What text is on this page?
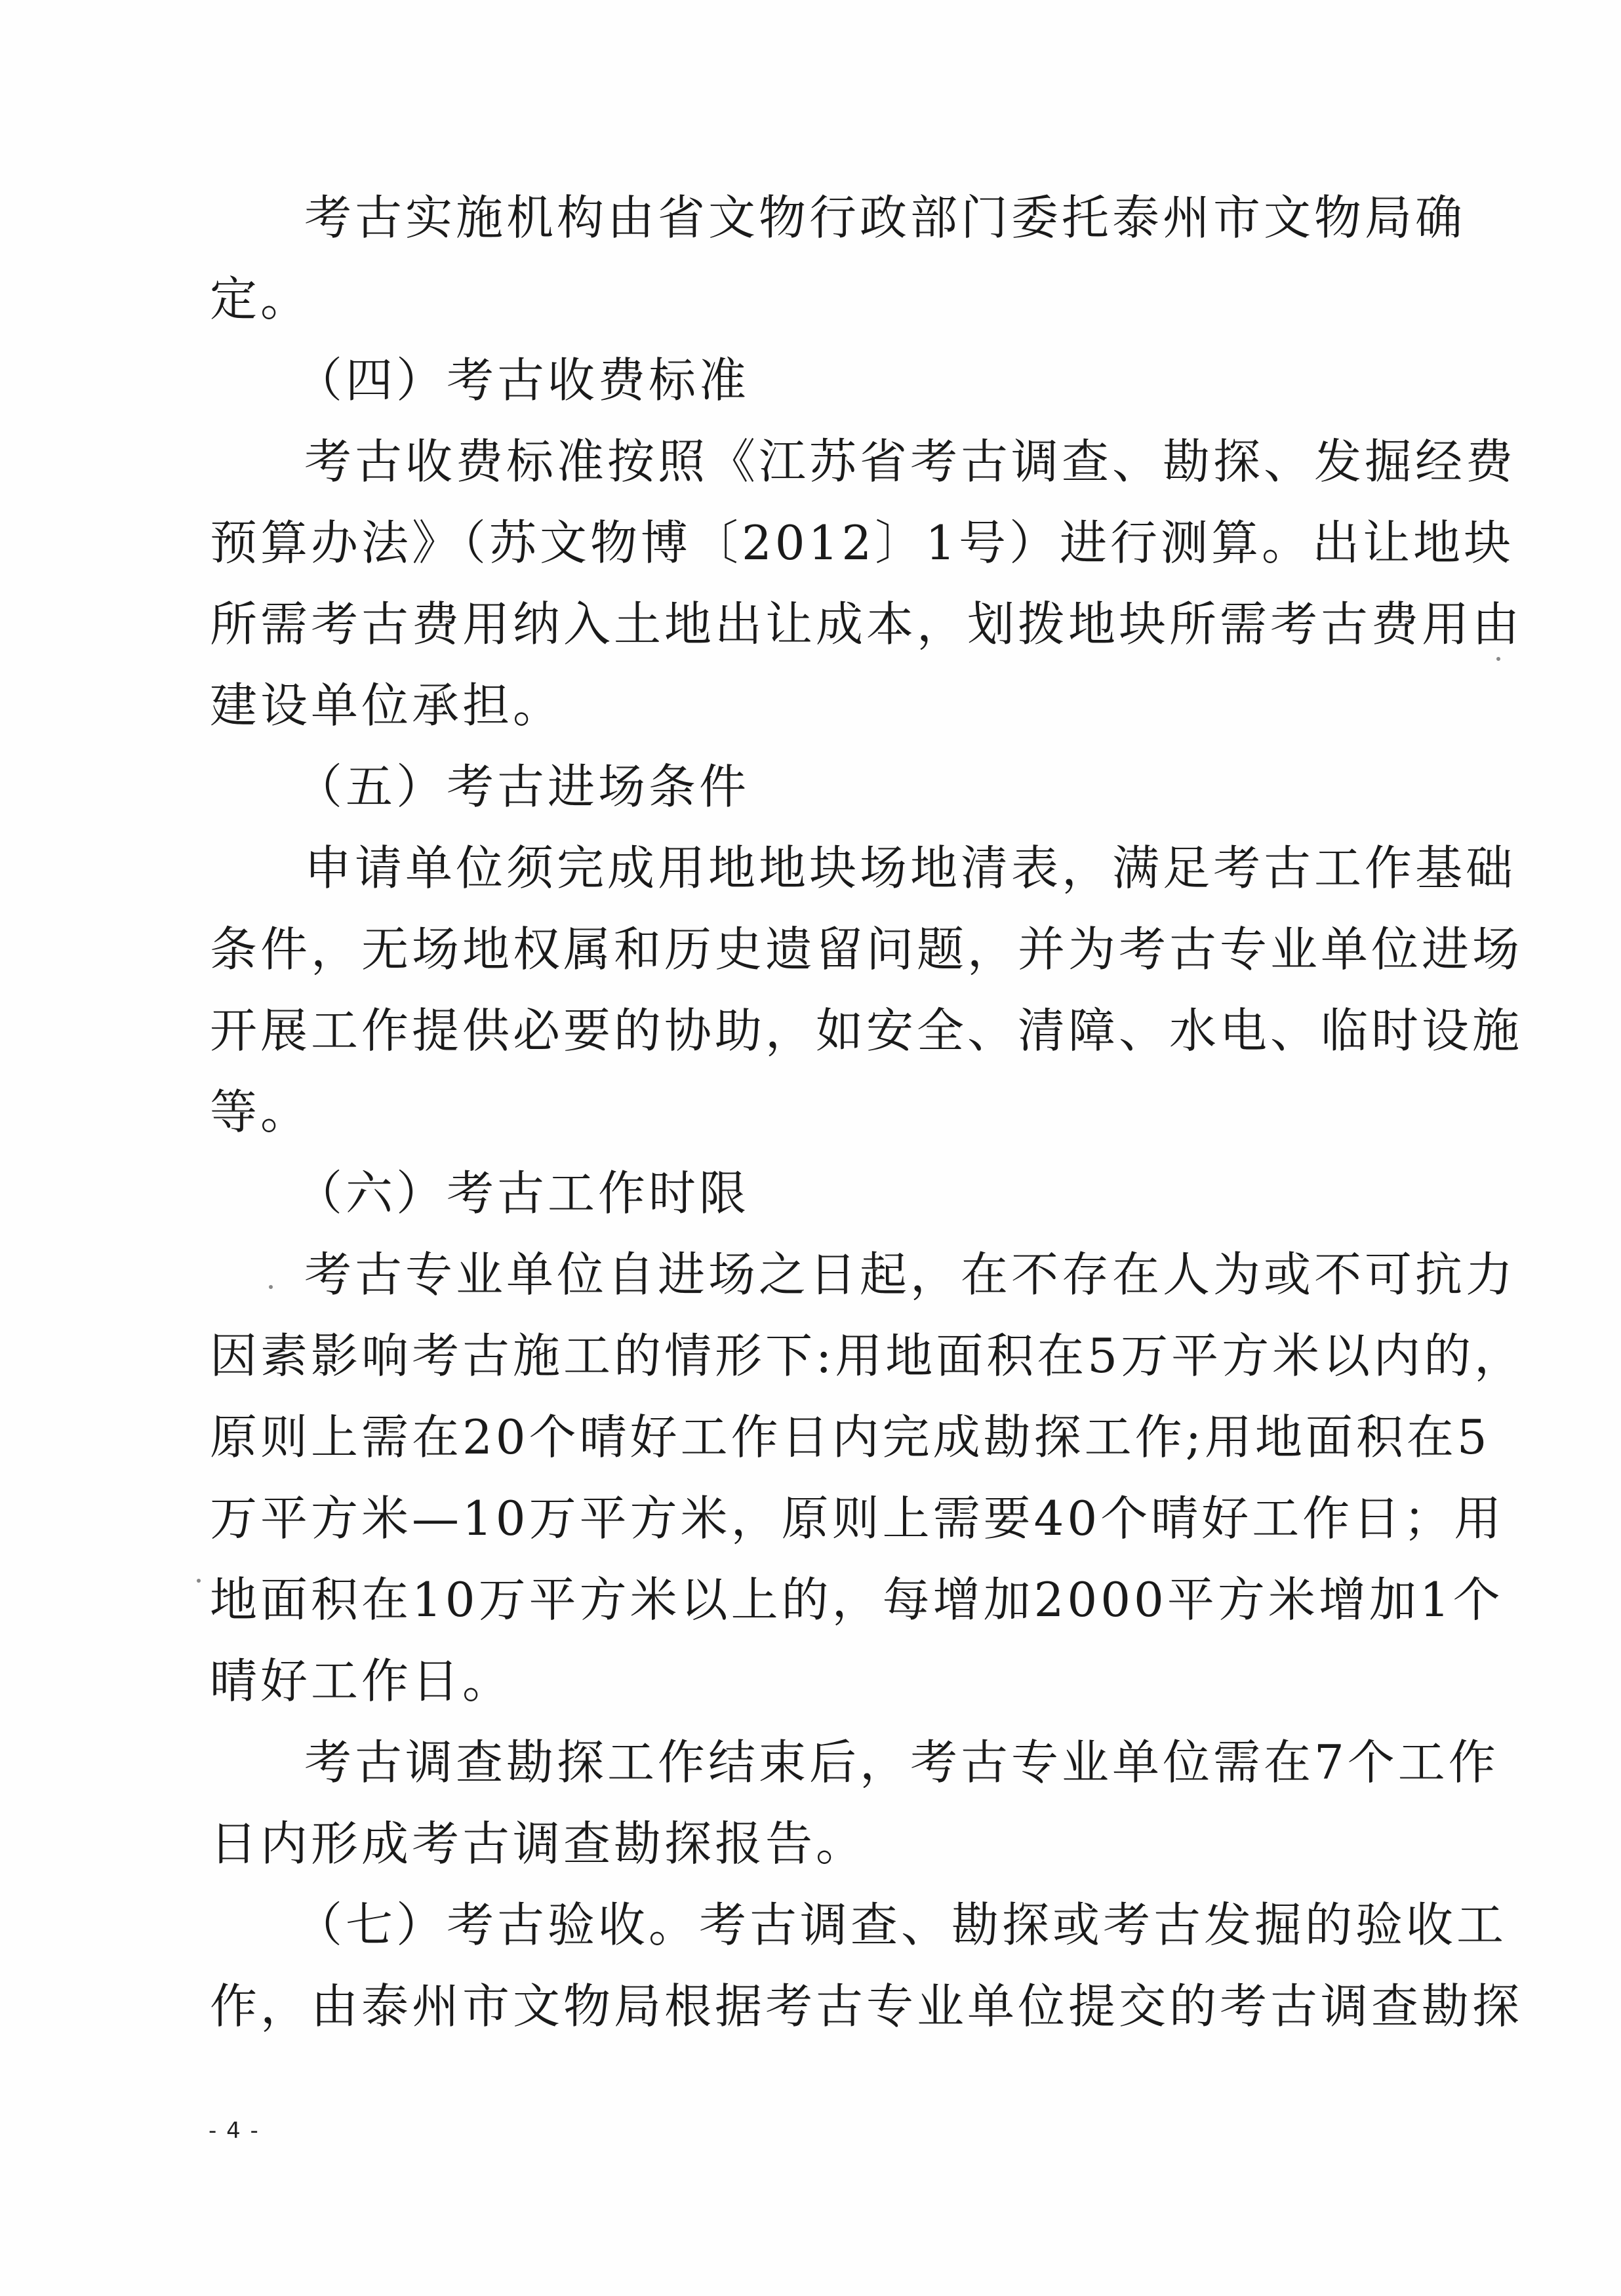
考古实施机构由省文物行政部门委托泰州市文物局确
定。
（四）考古收费标准
考古收费标准按照《江苏省考古调查、勘探、发掘经费
预算办法》（苏文物博〔2012〕1号）进行测算。出让地块
所需考古费用纳入土地出让成本，划拨地块所需考古费用由
建设单位承担。
（五）考古进场条件
申请单位须完成用地地块场地清表，满足考古工作基础
条件，无场地权属和历史遗留问题，并为考古专业单位进场
开展工作提供必要的协助，如安全、清障、水电、临时设施
等。
（六）考古工作时限
考古专业单位自进场之日起，在不存在人为或不可抗力
因素影响考古施工的情形下:用地面积在5万平方米以内的，
原则上需在20个晴好工作日内完成勘探工作;用地面积在5
万平方米—10万平方米，原则上需要40个晴好工作日；用
地面积在10万平方米以上的，每增加2000平方米增加1个
晴好工作日。
考古调查勘探工作结束后，考古专业单位需在7个工作
日内形成考古调查勘探报告。
（七）考古验收。考古调查、勘探或考古发掘的验收工
作，由泰州市文物局根据考古专业单位提交的考古调查勘探
- 4 -
